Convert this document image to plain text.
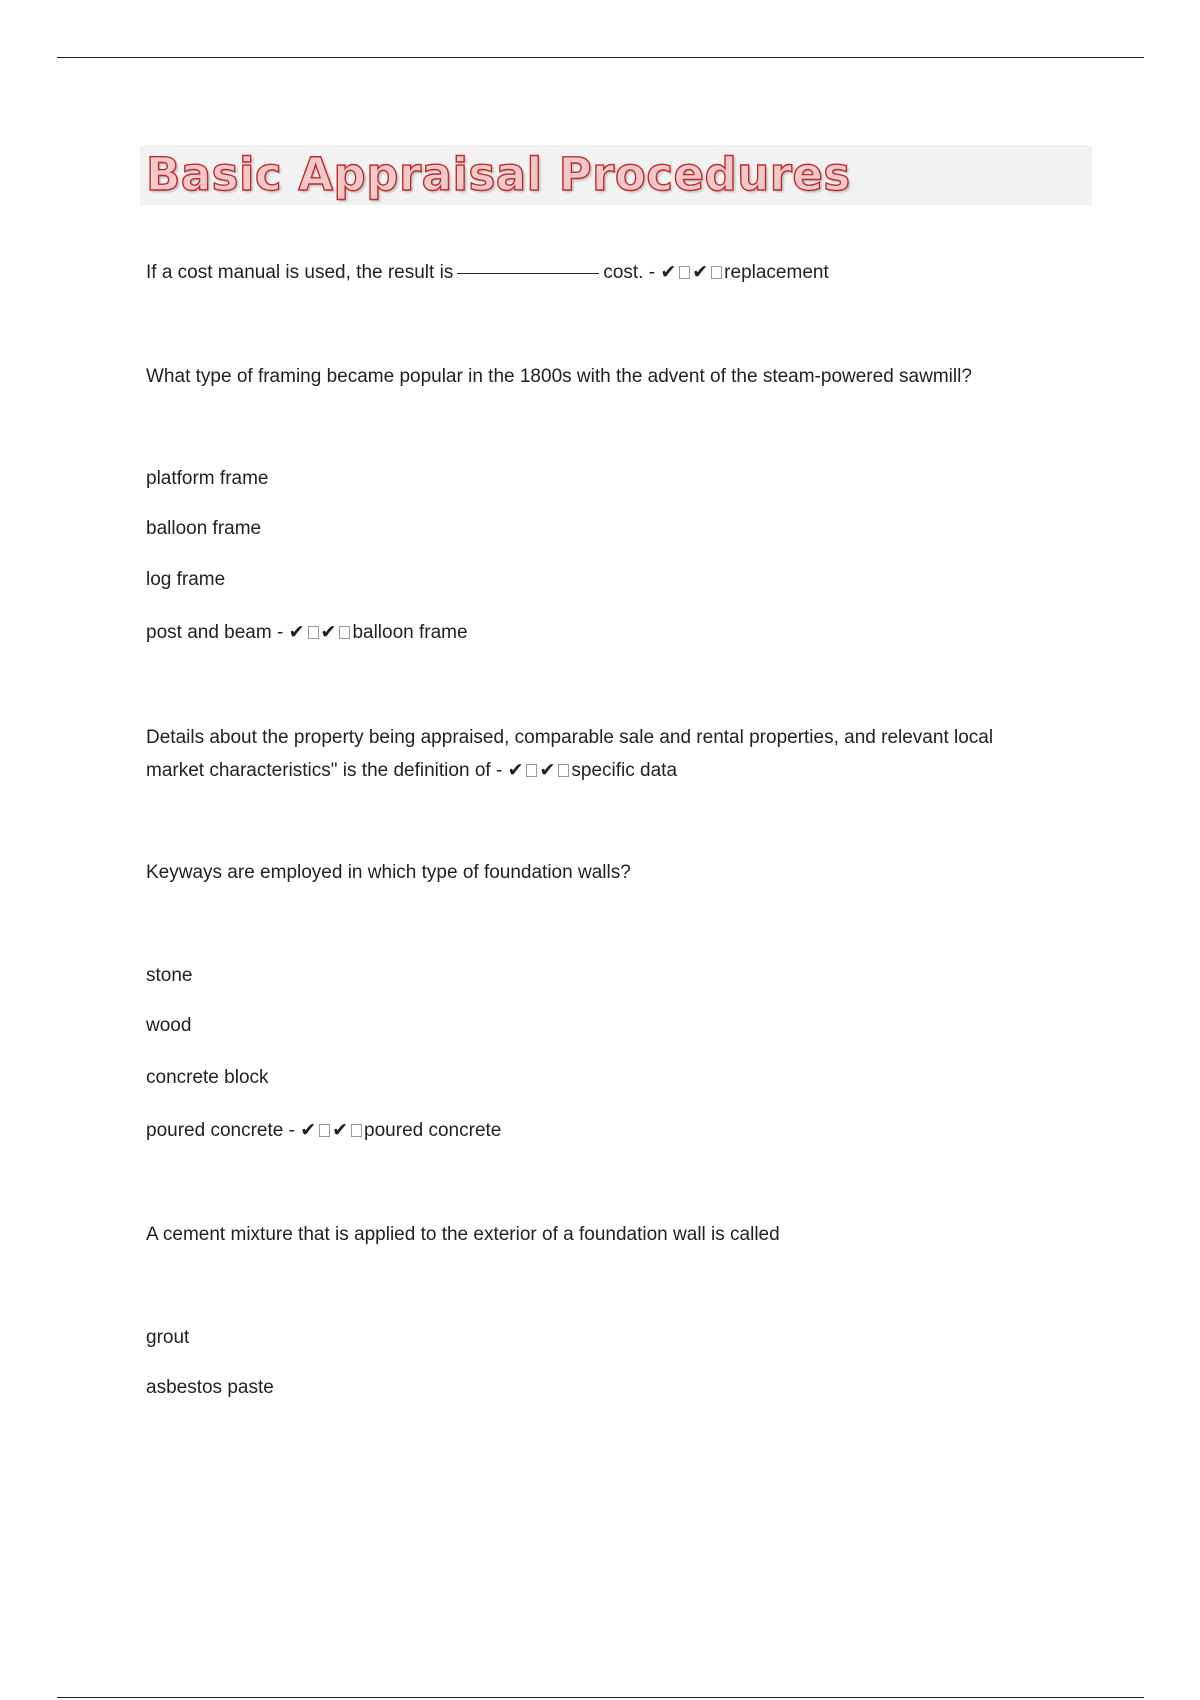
Basic Appraisal Procedures
If a cost manual is used, the result is	cost. - ✔ ✔ replacement
What type of framing became popular in the 1800s with the advent of the steam-powered sawmill?
platform frame
balloon frame
log frame
post and beam - ✔ ✔ balloon frame
Details about the property being appraised, comparable sale and rental properties, and relevant local
market characteristics" is the definition of - ✔ ✔ specific data
Keyways are employed in which type of foundation walls?
stone
wood
concrete block
poured concrete - ✔ ✔ poured concrete
A cement mixture that is applied to the exterior of a foundation wall is called
grout
asbestos paste
